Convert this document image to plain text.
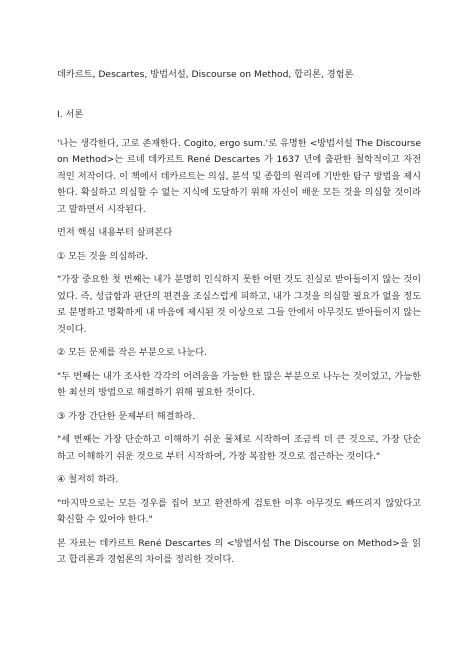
데카르트, Descartes, 방법서설, Discourse on Method, 합리론, 경험론
I. 서론

'나는 생각한다, 고로 존재한다. Cogito, ergo sum.'로 유명한 <방법서설 The Discourse on Method>는 르네 데카르트 René Descartes 가 1637 년에 출판한 철학적이고 자전적인 저작이다. 이 책에서 데카르트는 의심, 분석 및 종합의 원리에 기반한 탐구 방법을 제시한다. 확실하고 의심할 수 없는 지식에 도달하기 위해 자신이 배운 모든 것을 의심할 것이라고 말하면서 시작된다.

먼저 핵심 내용부터 살펴본다

① 모든 것을 의심하라.

"가장 중요한 첫 번째는 내가 분명히 인식하지 못한 어떤 것도 진실로 받아들이지 않는 것이었다. 즉, 성급함과 판단의 편견을 조심스럽게 피하고, 내가 그것을 의심할 필요가 없을 정도로 분명하고 명확하게 내 마음에 제시된 것 이상으로 그들 안에서 아무것도 받아들이지 않는 것이다.

② 모든 문제를 작은 부분으로 나눈다.

"두 번째는 내가 조사한 각각의 어려움을 가능한 한 많은 부분으로 나누는 것이었고, 가능한 한 최선의 방법으로 해결하기 위해 필요한 것이다.

③ 가장 간단한 문제부터 해결하라.

"세 번째는 가장 단순하고 이해하기 쉬운 물체로 시작하여 조금씩 더 큰 것으로, 가장 단순하고 이해하기 쉬운 것으로 부터 시작하여, 가장 복잡한 것으로 접근하는 것이다."

④ 철저히 하라.

"마지막으로는 모든 경우를 집어 보고 완전하게 검토한 이후 아무것도 빠뜨리지 않았다고 확신할 수 있어야 한다."

본 자료는 데카르트 René Descartes 의 <방법서설 The Discourse on Method>을 읽고 합리론과 경험론의 차이를 정리한 것이다.
